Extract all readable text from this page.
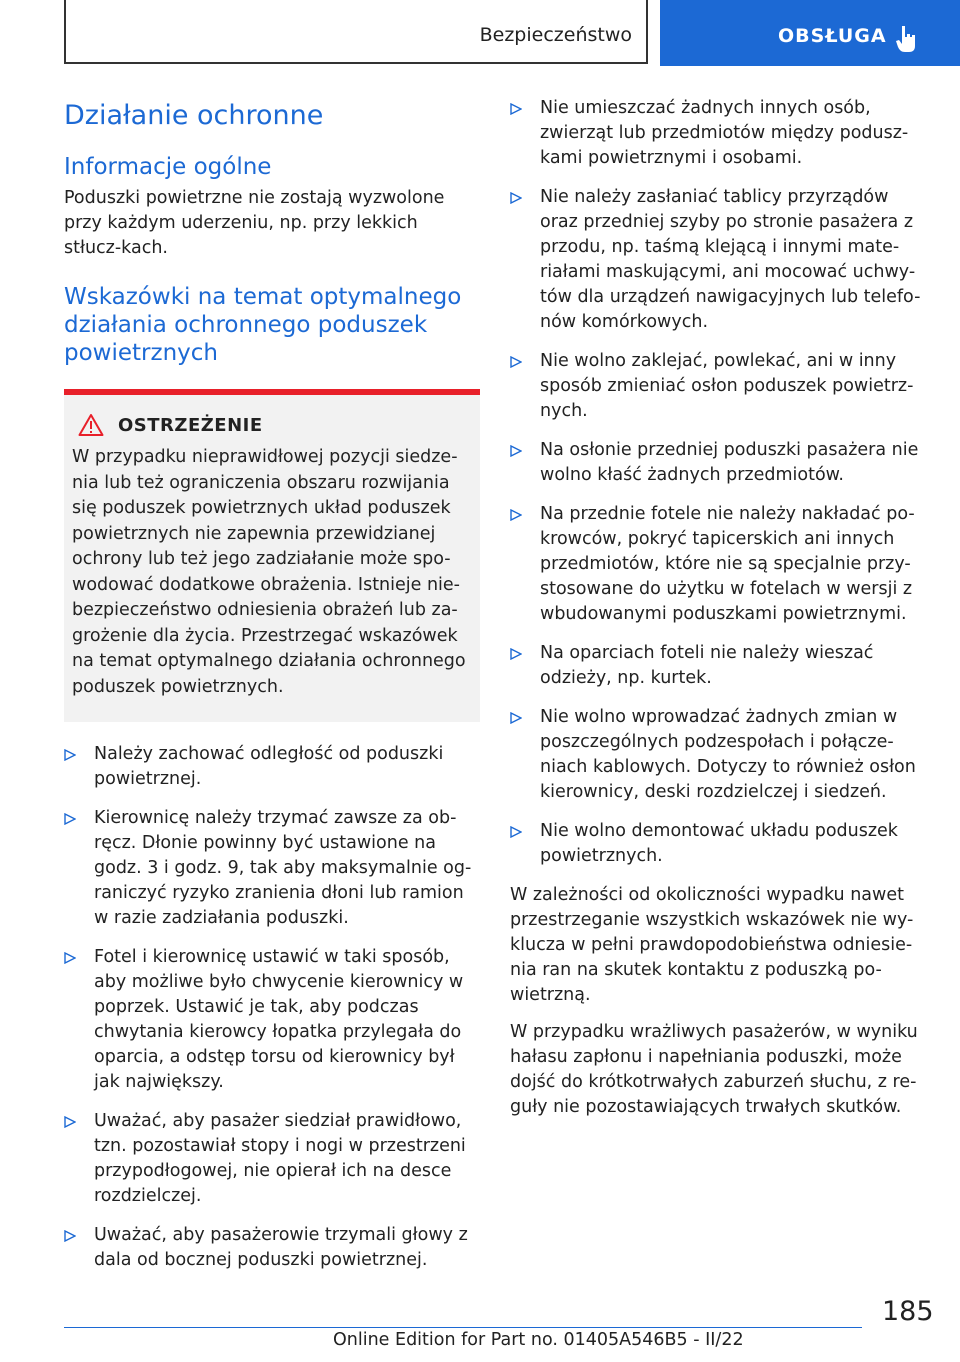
Bezpieczeństwo	OBSŁUGA
Działanie ochronne
Informacje ogólne

Poduszki powietrzne nie zostają wyzwolone przy każdym uderzeniu, np. przy lekkich stłucz-kach.

Wskazówki na temat optymalnego działania ochronnego poduszek powietrznych
OSTRZEŻENIE
W przypadku nieprawidłowej pozycji siedze-nia lub też ograniczenia obszaru rozwijania się poduszek powietrznych układ poduszek powietrznych nie zapewnia przewidzianej ochrony lub też jego zadziałanie może spo-wodować dodatkowe obrażenia. Istnieje nie-bezpieczeństwo odniesienia obrażeń lub za-grożenie dla życia. Przestrzegać wskazówek na temat optymalnego działania ochronnego poduszek powietrznych.
Należy zachować odległość od poduszki powietrznej.
Kierownicę należy trzymać zawsze za ob-ręcz. Dłonie powinny być ustawione na godz. 3 i godz. 9, tak aby maksymalnie og-raniczyć ryzyko zranienia dłoni lub ramion w razie zadziałania poduszki.
Fotel i kierownicę ustawić w taki sposób, aby możliwe było chwycenie kierownicy w poprzek. Ustawić je tak, aby podczas chwytania kierowcy łopatka przylegała do oparcia, a odstęp torsu od kierownicy był jak największy.
Uważać, aby pasażer siedział prawidłowo, tzn. pozostawiał stopy i nogi w przestrzeni przypodłogowej, nie opierał ich na desce rozdzielczej.
Uważać, aby pasażerowie trzymali głowy z dala od bocznej poduszki powietrznej.
Nie umieszczać żadnych innych osób, zwierząt lub przedmiotów między podusz-kami powietrznymi i osobami.
Nie należy zasłaniać tablicy przyrządów oraz przedniej szyby po stronie pasażera z przodu, np. taśmą klejącą i innymi mate-riałami maskującymi, ani mocować uchwy-tów dla urządzeń nawigacyjnych lub telefo-nów komórkowych.
Nie wolno zaklejać, powlekać, ani w inny sposób zmieniać osłon poduszek powietrz-nych.
Na osłonie przedniej poduszki pasażera nie wolno kłaść żadnych przedmiotów.
Na przednie fotele nie należy nakładać po-krowców, pokryć tapicerskich ani innych przedmiotów, które nie są specjalnie przy-stosowane do użytku w fotelach w wersji z wbudowanymi poduszkami powietrznymi.
Na oparciach foteli nie należy wieszać odzieży, np. kurtek.
Nie wolno wprowadzać żadnych zmian w poszczególnych podzespołach i połącze-niach kablowych. Dotyczy to również osłon kierownicy, deski rozdzielczej i siedzeń.
Nie wolno demontować układu poduszek powietrznych.

W zależności od okoliczności wypadku nawet przestrzeganie wszystkich wskazówek nie wy-klucza w pełni prawdopodobieństwa odniesie-nia ran na skutek kontaktu z poduszką po-wietrzną.

W przypadku wrażliwych pasażerów, w wyniku hałasu zapłonu i napełniania poduszki, może dojść do krótkotrwałych zaburzeń słuchu, z re-guły nie pozostawiających trwałych skutków.

185
Online Edition for Part no. 01405A546B5 - II/22
